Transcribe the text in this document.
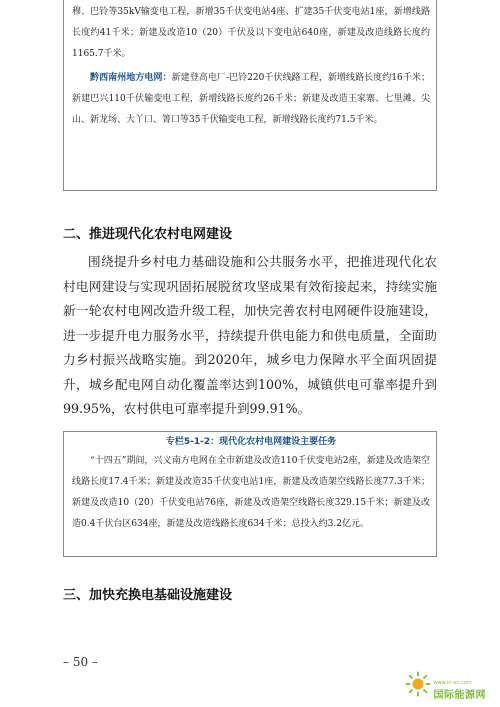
穆、巴铃等35kV输变电工程，新增35千伏变电站4座、扩建35千伏变电站1座，新增线路长度约41千米；新建及改造10（20）千伏及以下变电站640座，新建及改造线路长度约1165.7千米。

黔西南州地方电网：新建登高电厂-巴铃220千伏线路工程，新增线路长度约16千米；新建巴兴110千伏输变电工程，新增线路长度约26千米；新建及改造王家寨、七里滩、尖山、新龙场、大丫口、箐口等35千伏输变电工程，新增线路长度约71.5千米。

二、推进现代化农村电网建设

围绕提升乡村电力基础设施和公共服务水平，把推进现代化农村电网建设与实现巩固拓展脱贫攻坚成果有效衔接起来，持续实施新一轮农村电网改造升级工程，加快完善农村电网硬件设施建设，进一步提升电力服务水平，持续提升供电能力和供电质量，全面助力乡村振兴战略实施。到2020年，城乡电力保障水平全面巩固提升，城乡配电网自动化覆盖率达到100%，城镇供电可靠率提升到99.95%，农村供电可靠率提升到99.91%。

专栏5-1-2：现代化农村电网建设主要任务

“十四五”期间，兴义南方电网在全市新建及改造110千伏变电站2座，新建及改造架空线路长度17.4千米；新建及改造35千伏变电站1座，新建及改造架空线路长度77.3千米；新建及改造10（20）千伏变电站76座，新建及改造架空线路长度329.15千米；新建及改造0.4千伏台区634座，新建及改造线路长度634千米；总投入约3.2亿元。

三、加快充换电基础设施建设
– 50 –
www.in-en.com
国际能源网
